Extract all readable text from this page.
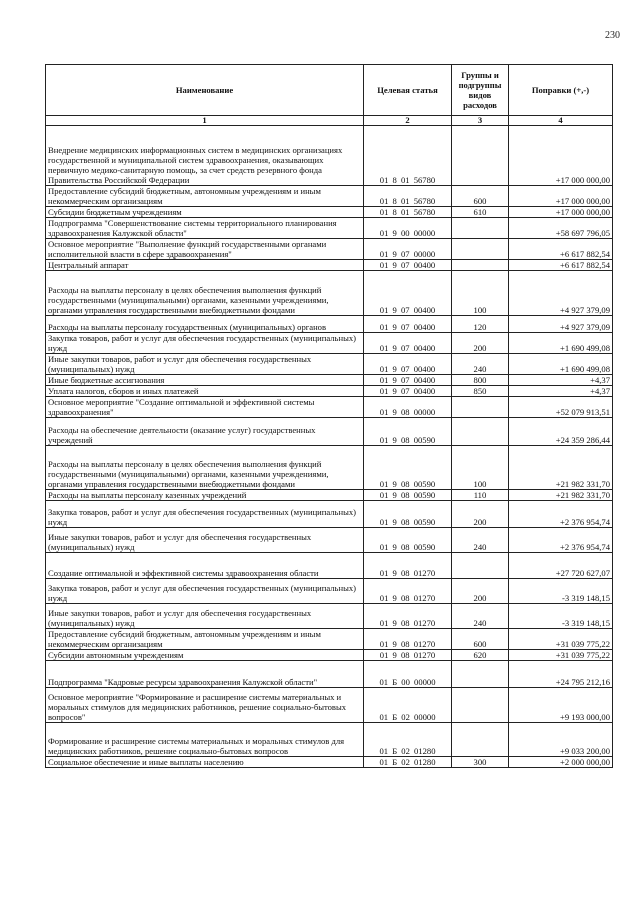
230
Наименование	Целевая статья	Группы и подгруппы видов расходов	Поправки (+,-)
1	2	3	4
Внедрение медицинских информационных систем в медицинских организациях государственной и муниципальной систем здравоохранения, оказывающих первичную медико-санитарную помощь, за счет средств резервного фонда Правительства Российской Федерации	01 8 01 56780		+17 000 000,00
Предоставление субсидий бюджетным, автономным учреждениям и иным некоммерческим организациям	01 8 01 56780	600	+17 000 000,00
Субсидии бюджетным учреждениям	01 8 01 56780	610	+17 000 000,00
Подпрограмма "Совершенствование системы территориального планирования здравоохранения Калужской области"	01 9 00 00000		+58 697 796,05
Основное мероприятие "Выполнение функций государственными органами исполнительной власти в сфере здравоохранения"	01 9 07 00000		+6 617 882,54
Центральный аппарат	01 9 07 00400		+6 617 882,54
Расходы на выплаты персоналу в целях обеспечения выполнения функций государственными (муниципальными) органами, казенными учреждениями, органами управления государственными внебюджетными фондами	01 9 07 00400	100	+4 927 379,09
Расходы на выплаты персоналу государственных (муниципальных) органов	01 9 07 00400	120	+4 927 379,09
Закупка товаров, работ и услуг для обеспечения государственных (муниципальных) нужд	01 9 07 00400	200	+1 690 499,08
Иные закупки товаров, работ и услуг для обеспечения государственных (муниципальных) нужд	01 9 07 00400	240	+1 690 499,08
Иные бюджетные ассигнования	01 9 07 00400	800	+4,37
Уплата налогов, сборов и иных платежей	01 9 07 00400	850	+4,37
Основное мероприятие "Создание оптимальной и эффективной системы здравоохранения"	01 9 08 00000		+52 079 913,51
Расходы на обеспечение деятельности (оказание услуг) государственных учреждений	01 9 08 00590		+24 359 286,44
Расходы на выплаты персоналу в целях обеспечения выполнения функций государственными (муниципальными) органами, казенными учреждениями, органами управления государственными внебюджетными фондами	01 9 08 00590	100	+21 982 331,70
Расходы на выплаты персоналу казенных учреждений	01 9 08 00590	110	+21 982 331,70
Закупка товаров, работ и услуг для обеспечения государственных (муниципальных) нужд	01 9 08 00590	200	+2 376 954,74
Иные закупки товаров, работ и услуг для обеспечения государственных (муниципальных) нужд	01 9 08 00590	240	+2 376 954,74
Создание оптимальной и эффективной системы здравоохранения области	01 9 08 01270		+27 720 627,07
Закупка товаров, работ и услуг для обеспечения государственных (муниципальных) нужд	01 9 08 01270	200	-3 319 148,15
Иные закупки товаров, работ и услуг для обеспечения государственных (муниципальных) нужд	01 9 08 01270	240	-3 319 148,15
Предоставление субсидий бюджетным, автономным учреждениям и иным некоммерческим организациям	01 9 08 01270	600	+31 039 775,22
Субсидии автономным учреждениям	01 9 08 01270	620	+31 039 775,22
Подпрограмма "Кадровые ресурсы здравоохранения Калужской области"	01 Б 00 00000		+24 795 212,16
Основное мероприятие "Формирование и расширение системы материальных и моральных стимулов для медицинских работников, решение социально-бытовых вопросов"	01 Б 02 00000		+9 193 000,00
Формирование и расширение системы материальных и моральных стимулов для медицинских работников, решение социально-бытовых вопросов	01 Б 02 01280		+9 033 200,00
Социальное обеспечение и иные выплаты населению	01 Б 02 01280	300	+2 000 000,00
